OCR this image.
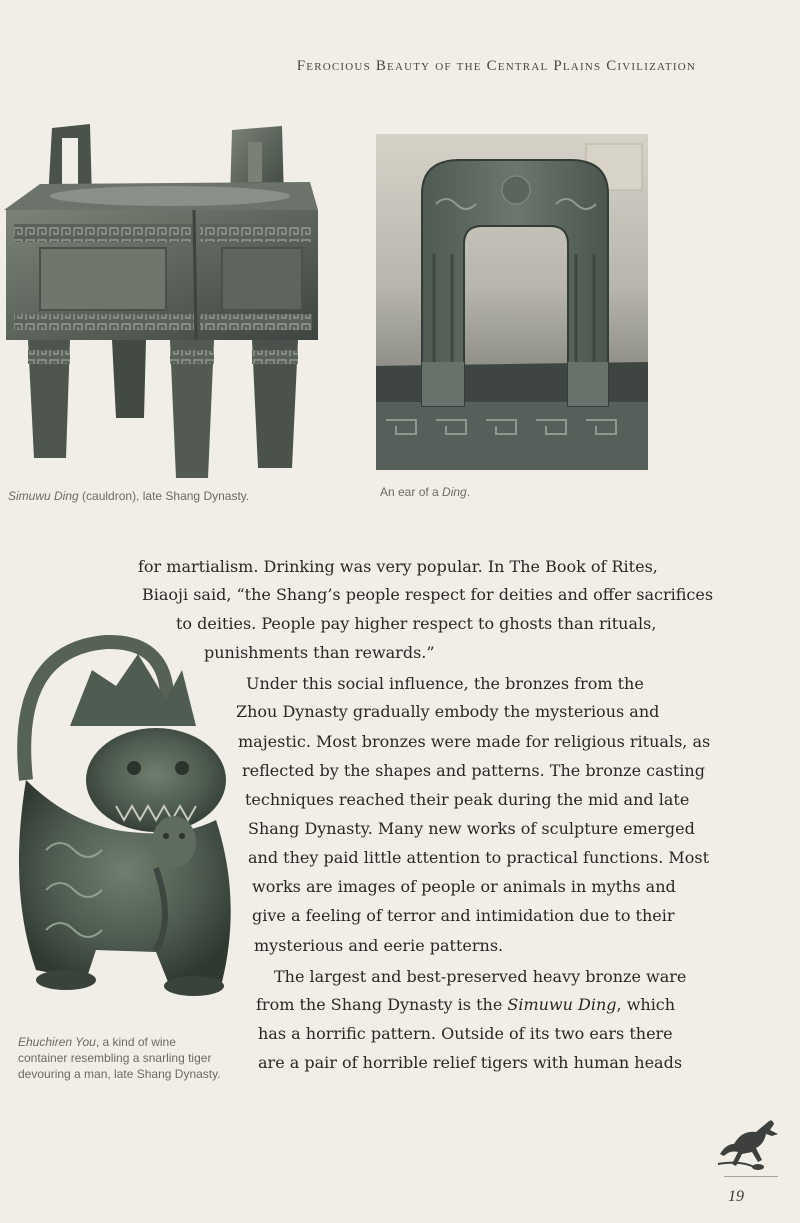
Ferocious Beauty of the Central Plains Civilization
Simuwu Ding (cauldron), late Shang Dynasty.	An ear of a Ding.
Ehuchiren You, a kind of wine
container resembling a snarling tiger
devouring a man, late Shang Dynasty.
for martialism. Drinking was very popular. In The Book of Rites,
Biaoji said, “the Shang’s people respect for deities and offer sacrifices
to deities. People pay higher respect to ghosts than rituals,
punishments than rewards.”
Under this social influence, the bronzes from the
Zhou Dynasty gradually embody the mysterious and
majestic. Most bronzes were made for religious rituals, as
reflected by the shapes and patterns. The bronze casting
techniques reached their peak during the mid and late
Shang Dynasty. Many new works of sculpture emerged
and they paid little attention to practical functions. Most
works are images of people or animals in myths and
give a feeling of terror and intimidation due to their
mysterious and eerie patterns.
The largest and best-preserved heavy bronze ware
from the Shang Dynasty is the Simuwu Ding, which
has a horrific pattern. Outside of its two ears there
are a pair of horrible relief tigers with human heads
19
